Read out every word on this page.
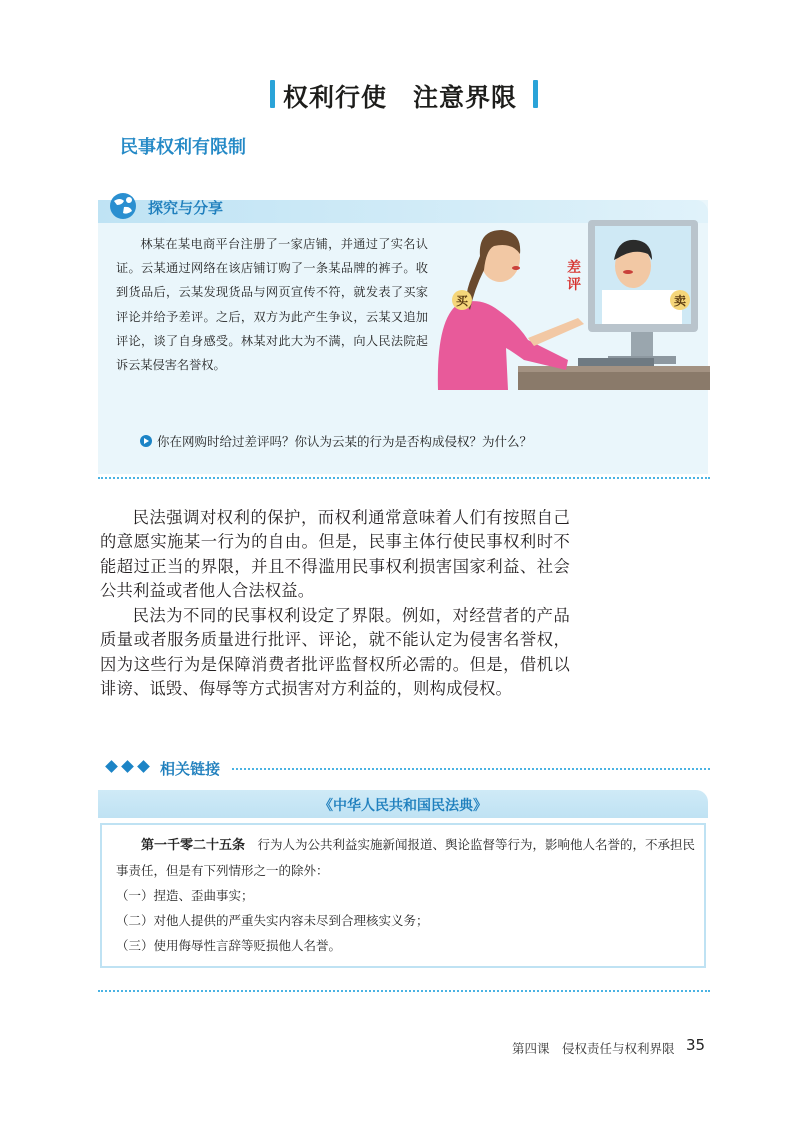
权利行使　注意界限
民事权利有限制
探究与分享
林某在某电商平台注册了一家店铺，并通过了实名认证。云某通过网络在该店铺订购了一条某品牌的裤子。收到货品后，云某发现货品与网页宣传不符，就发表了买家评论并给予差评。之后，双方为此产生争议，云某又追加评论，谈了自身感受。林某对此大为不满，向人民法院起诉云某侵害名誉权。
买	卖
差
评
你在网购时给过差评吗？你认为云某的行为是否构成侵权？为什么？
民法强调对权利的保护，而权利通常意味着人们有按照自己的意愿实施某一行为的自由。但是，民事主体行使民事权利时不能超过正当的界限，并且不得滥用民事权利损害国家利益、社会公共利益或者他人合法权益。
民法为不同的民事权利设定了界限。例如，对经营者的产品质量或者服务质量进行批评、评论，就不能认定为侵害名誉权，因为这些行为是保障消费者批评监督权所必需的。但是，借机以诽谤、诋毁、侮辱等方式损害对方利益的，则构成侵权。
相关链接
《中华人民共和国民法典》
第一千零二十五条　行为人为公共利益实施新闻报道、舆论监督等行为，影响他人名誉的，不承担民事责任，但是有下列情形之一的除外：
（一）捏造、歪曲事实；
（二）对他人提供的严重失实内容未尽到合理核实义务；
（三）使用侮辱性言辞等贬损他人名誉。
第四课　侵权责任与权利界限 35
